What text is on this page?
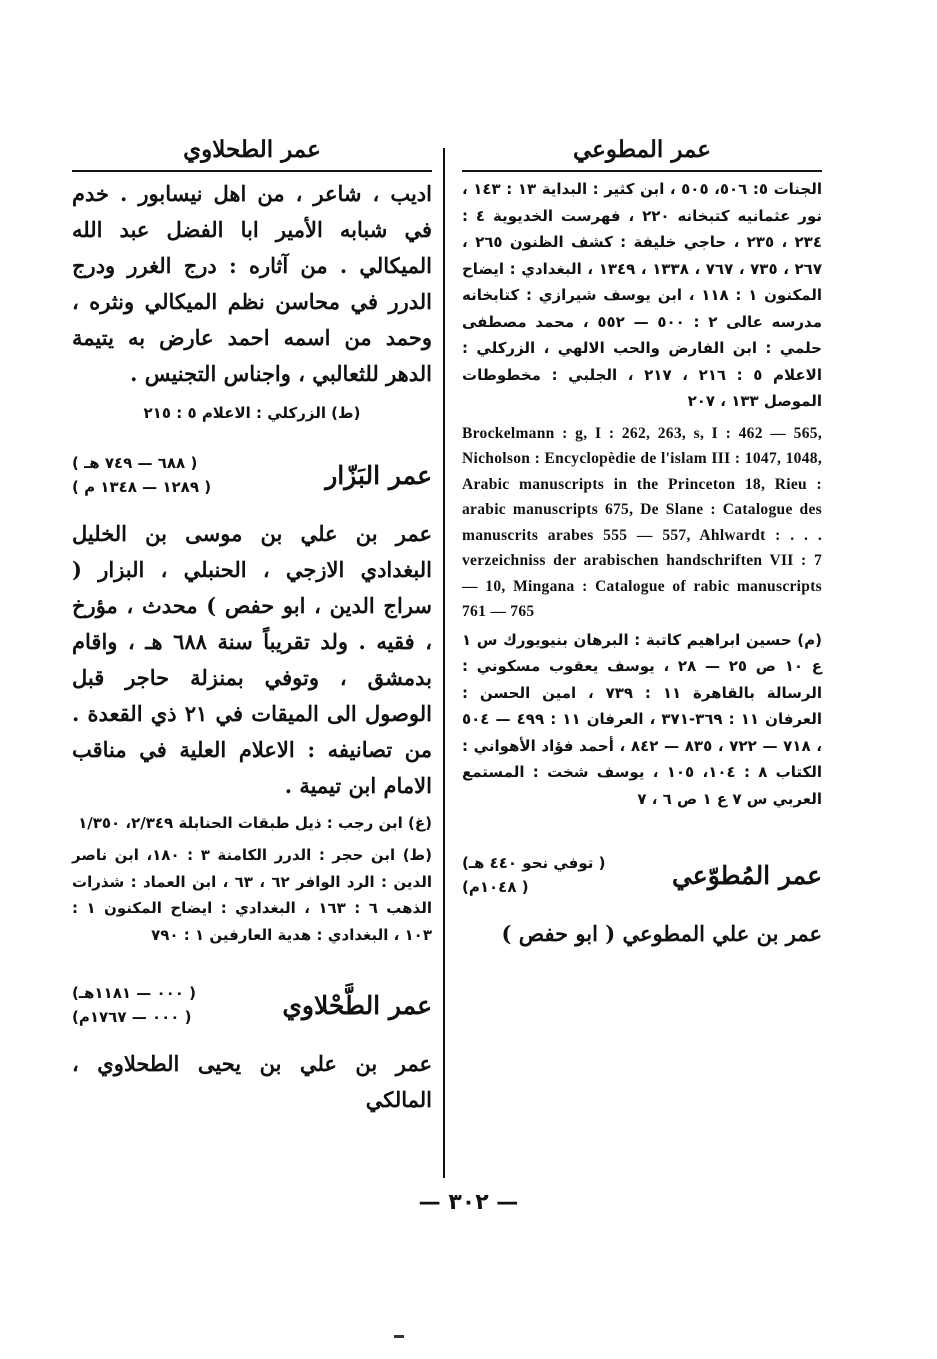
عمر المطوعي

الجنات ٥: ٥٠٦، ٥٠٥ ، ابن كثير : البداية ١٣ : ١٤٣ ، نور عثمانيه كتبخانه ٢٢٠ ، فهرست الخديوية ٤ : ٢٣٤ ، ٢٣٥ ، حاجي خليفة : كشف الظنون ٢٦٥ ، ٢٦٧ ، ٧٣٥ ، ٧٦٧ ، ١٣٣٨ ، ١٣٤٩ ، البغدادي : ايضاح المكنون ١ : ١١٨ ، ابن يوسف شيرازي : كتابخانه مدرسه عالى ٢ : ٥٠٠ — ٥٥٢ ، محمد مصطفى حلمي : ابن الفارض والحب الالهي ، الزركلي : الاعلام ٥ : ٢١٦ ، ٢١٧ ، الجلبي : مخطوطات الموصل ١٣٣ ، ٢٠٧

Brockelmann : g, I : 262, 263, s, I : 462 — 565, Nicholson : Encyclopèdie de l'islam III : 1047, 1048, Arabic manuscripts in the Princeton 18, Rieu : arabic manuscripts 675, De Slane : Catalogue des manuscrits arabes 555 — 557, Ahlwardt : . . . verzeichniss der arabischen handschriften VII : 7 — 10, Mingana : Catalogue of rabic manuscripts 761 — 765

(م) حسين ابراهيم كاتبة : البرهان بنيويورك س ١ ع ١٠ ص ٢٥ — ٢٨ ، يوسف يعقوب مسكوني : الرسالة بالقاهرة ١١ : ٧٣٩ ، امين الحسن : العرفان ١١ : ٣٦٩-٣٧١ ، العرفان ١١ : ٤٩٩ — ٥٠٤ ، ٧١٨ — ٧٢٢ ، ٨٣٥ — ٨٤٢ ، أحمد فؤاد الأهواني : الكتاب ٨ : ١٠٤، ١٠٥ ، يوسف شخت : المستمع العربي س ٧ ع ١ ص ٦ ، ٧

عمر المُطوّعي
( توفي نحو ٤٤٠ هـ)
( ١٠٤٨م)

عمر بن علي المطوعي ( ابو حفص )

عمر الطحلاوي

اديب ، شاعر ، من اهل نيسابور . خدم في شبابه الأمير ابا الفضل عبد الله الميكالي . من آثاره : درج الغرر ودرج الدرر في محاسن نظم الميكالي ونثره ، وحمد من اسمه احمد عارض به يتيمة الدهر للثعالبي ، واجناس التجنيس .

(ط) الزركلي : الاعلام ٥ : ٢١٥

عمر البَزّار
( ٦٨٨ — ٧٤٩ هـ )
( ١٢٨٩ — ١٣٤٨ م )

عمر بن علي بن موسى بن الخليل البغدادي الازجي ، الحنبلي ، البزار ( سراج الدين ، ابو حفص ) محدث ، مؤرخ ، فقيه . ولد تقريباً سنة ٦٨٨ هـ ، واقام بدمشق ، وتوفي بمنزلة حاجر قبل الوصول الى الميقات في ٢١ ذي القعدة . من تصانيفه : الاعلام العلية في مناقب الامام ابن تيمية .

(غ) ابن رجب : ذيل طبقات الحنابلة ٢/٣٤٩، ١/٣٥٠

(ط) ابن حجر : الدرر الكامنة ٣ : ١٨٠، ابن ناصر الدين : الرد الوافر ٦٢ ، ٦٣ ، ابن العماد : شذرات الذهب ٦ : ١٦٣ ، البغدادي : ايضاح المكنون ١ : ١٠٣ ، البغدادي : هدية العارفين ١ : ٧٩٠

عمر الطَّحْلاوي
( ٠٠٠ — ١١٨١هـ)
( ٠٠٠ — ١٧٦٧م)

عمر بن علي بن يحيى الطحلاوي ، المالكي

— ٣٠٢ —
